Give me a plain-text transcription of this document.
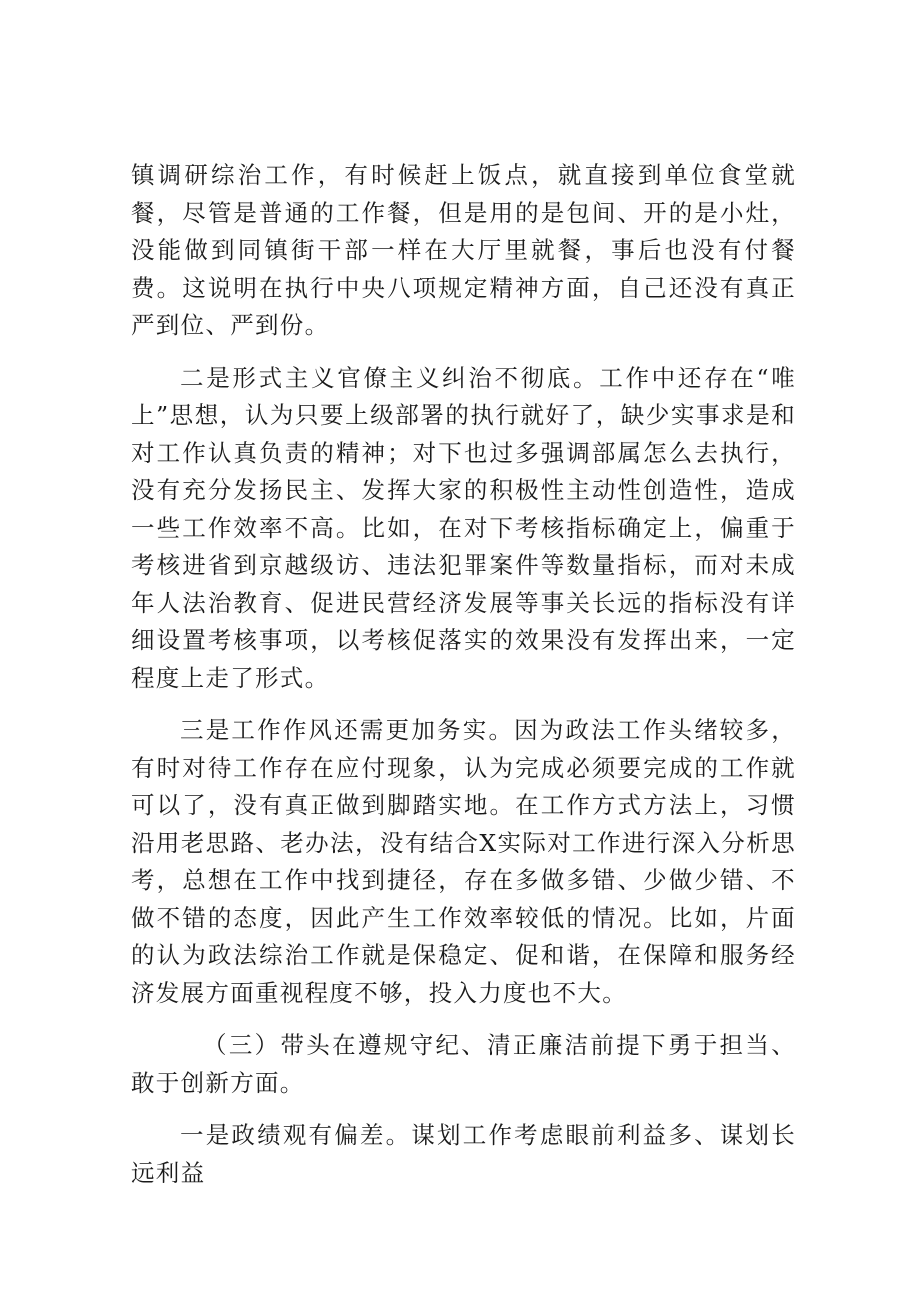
镇调研综治工作，有时候赶上饭点，就直接到单位食堂就餐，尽管是普通的工作餐，但是用的是包间、开的是小灶，没能做到同镇街干部一样在大厅里就餐，事后也没有付餐费。这说明在执行中央八项规定精神方面，自己还没有真正严到位、严到份。

二是形式主义官僚主义纠治不彻底。工作中还存在“唯上”思想，认为只要上级部署的执行就好了，缺少实事求是和对工作认真负责的精神；对下也过多强调部属怎么去执行，没有充分发扬民主、发挥大家的积极性主动性创造性，造成一些工作效率不高。比如，在对下考核指标确定上，偏重于考核进省到京越级访、违法犯罪案件等数量指标，而对未成年人法治教育、促进民营经济发展等事关长远的指标没有详细设置考核事项，以考核促落实的效果没有发挥出来，一定程度上走了形式。

三是工作作风还需更加务实。因为政法工作头绪较多，有时对待工作存在应付现象，认为完成必须要完成的工作就可以了，没有真正做到脚踏实地。在工作方式方法上，习惯沿用老思路、老办法，没有结合X实际对工作进行深入分析思考，总想在工作中找到捷径，存在多做多错、少做少错、不做不错的态度，因此产生工作效率较低的情况。比如，片面的认为政法综治工作就是保稳定、促和谐，在保障和服务经济发展方面重视程度不够，投入力度也不大。

（三）带头在遵规守纪、清正廉洁前提下勇于担当、敢于创新方面。

一是政绩观有偏差。谋划工作考虑眼前利益多、谋划长远利益
